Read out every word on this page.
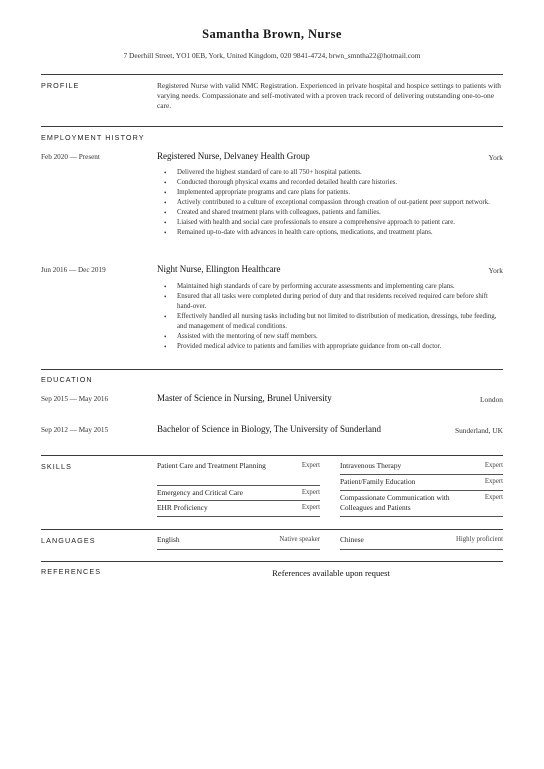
Samantha Brown, Nurse
7 Deerhill Street, YO1 0EB, York, United Kingdom, 020 9841-4724, brwn_smntha22@hotmail.com
PROFILE	Registered Nurse with valid NMC Registration. Experienced in private hospital and hospice settings to patients with varying needs. Compassionate and self-motivated with a proven track record of delivering outstanding one-to-one care.
EMPLOYMENT HISTORY
Feb 2020 — Present	Registered Nurse, Delvaney Health Group	York
• Delivered the highest standard of care to all 750+ hospital patients.
• Conducted thorough physical exams and recorded detailed health care histories.
• Implemented appropriate programs and care plans for patients.
• Actively contributed to a culture of exceptional compassion through creation of out-patient peer support network.
• Created and shared treatment plans with colleagues, patients and families.
• Liaised with health and social care professionals to ensure a comprehensive approach to patient care.
• Remained up-to-date with advances in health care options, medications, and treatment plans.
Jun 2016 — Dec 2019	Night Nurse, Ellington Healthcare	York
• Maintained high standards of care by performing accurate assessments and implementing care plans.
• Ensured that all tasks were completed during period of duty and that residents received required care before shift hand-over.
• Effectively handled all nursing tasks including but not limited to distribution of medication, dressings, tube feeding, and management of medical conditions.
• Assisted with the mentoring of new staff members.
• Provided medical advice to patients and families with appropriate guidance from on-call doctor.
EDUCATION
Sep 2015 — May 2016	Master of Science in Nursing, Brunel University	London
Sep 2012 — May 2015	Bachelor of Science in Biology, The University of Sunderland	Sunderland, UK
SKILLS	Patient Care and Treatment Planning	Expert
Emergency and Critical Care	Expert
EHR Proficiency	Expert
Intravenous Therapy	Expert
Patient/Family Education	Expert
Compassionate Communication with Colleagues and Patients
Expert
LANGUAGES	English	Native speaker	Chinese	Highly proficient
REFERENCES	References available upon request
